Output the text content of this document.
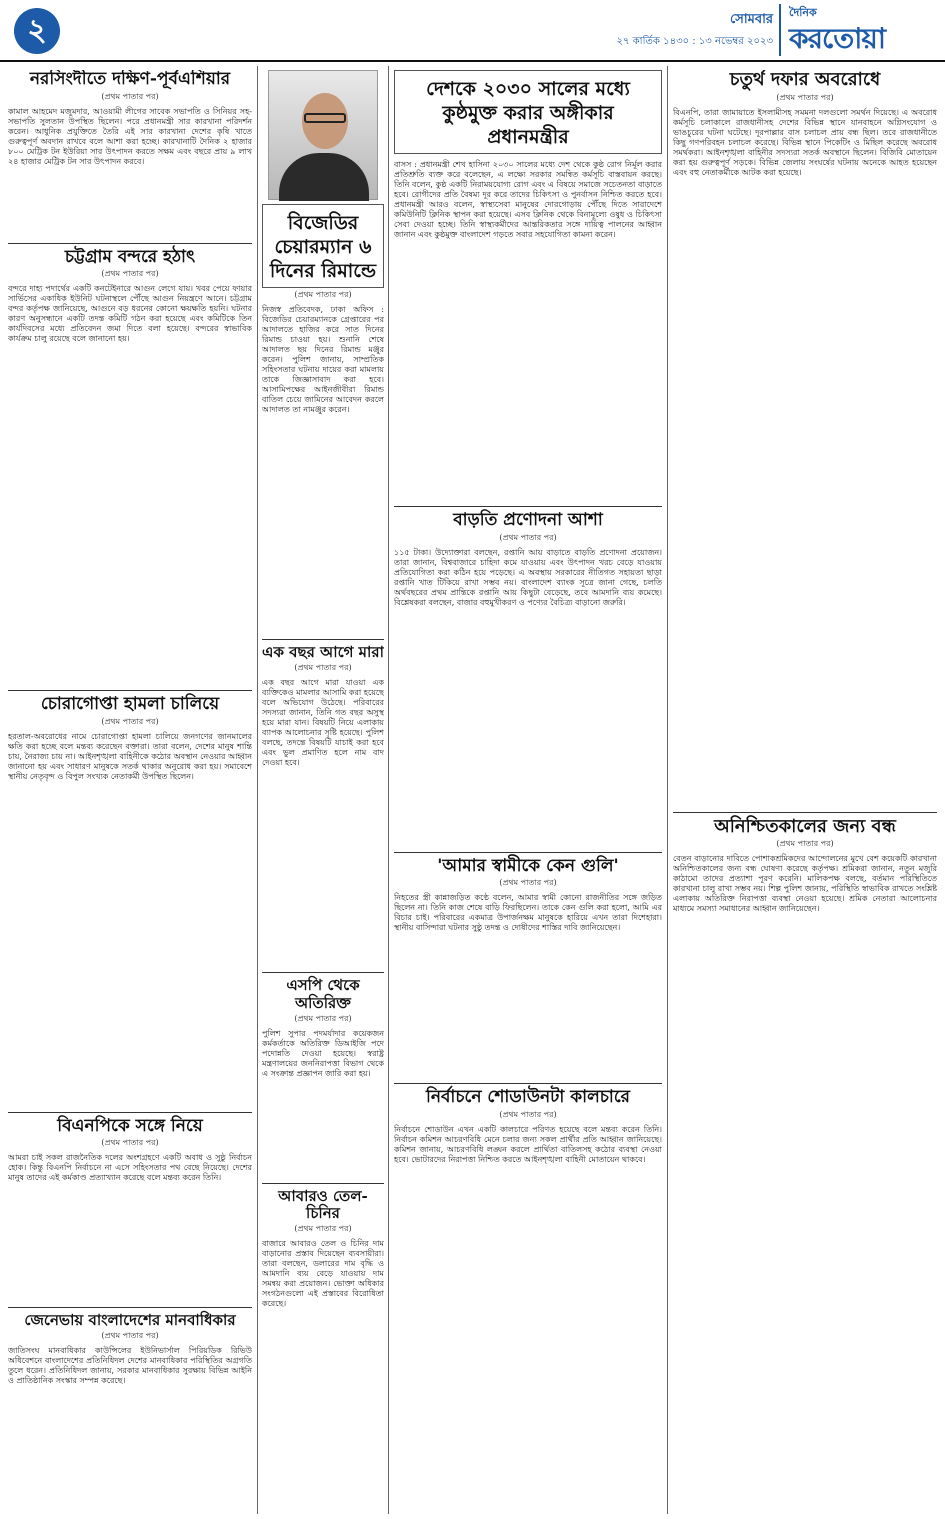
২	সোমবার
২৭ কার্তিক ১৪৩০ : ১৩ নভেম্বর ২০২৩
দৈনিক
করতোয়া
নরসিংদীতে দক্ষিণ-পূর্বএশিয়ার
(প্রথম পাতার পর)
কামাল আহমেদ মজুমদার, আওয়ামী লীগের সাবেক সভাপতি ও সিনিয়র সহ-সভাপতি সুলতান উপস্থিত ছিলেন। পরে প্রধানমন্ত্রী সার কারখানা পরিদর্শন করেন। আধুনিক প্রযুক্তিতে তৈরি এই সার কারখানা দেশের কৃষি খাতে গুরুত্বপূর্ণ অবদান রাখবে বলে আশা করা হচ্ছে। কারখানাটি দৈনিক ২ হাজার ৮০০ মেট্রিক টন ইউরিয়া সার উৎপাদন করতে সক্ষম এবং বছরে প্রায় ৯ লাখ ২৪ হাজার মেট্রিক টন সার উৎপাদন করবে।
চট্টগ্রাম বন্দরে হঠাৎ
(প্রথম পাতার পর)
বন্দরে দাহ্য পদার্থের একটি কনটেইনারে আগুন লেগে যায়। খবর পেয়ে ফায়ার সার্ভিসের একাধিক ইউনিট ঘটনাস্থলে পৌঁছে আগুন নিয়ন্ত্রণে আনে। চট্টগ্রাম বন্দর কর্তৃপক্ষ জানিয়েছে, আগুনে বড় ধরনের কোনো ক্ষয়ক্ষতি হয়নি। ঘটনার কারণ অনুসন্ধানে একটি তদন্ত কমিটি গঠন করা হয়েছে এবং কমিটিকে তিন কার্যদিবসের মধ্যে প্রতিবেদন জমা দিতে বলা হয়েছে। বন্দরের স্বাভাবিক কার্যক্রম চালু রয়েছে বলে জানানো হয়।
চোরাগোপ্তা হামলা চালিয়ে
(প্রথম পাতার পর)
হরতাল-অবরোধের নামে চোরাগোপ্তা হামলা চালিয়ে জনগণের জানমালের ক্ষতি করা হচ্ছে বলে মন্তব্য করেছেন বক্তারা। তারা বলেন, দেশের মানুষ শান্তি চায়, নৈরাজ্য চায় না। আইনশৃঙ্খলা বাহিনীকে কঠোর অবস্থান নেওয়ার আহ্বান জানানো হয় এবং সাধারণ মানুষকে সতর্ক থাকার অনুরোধ করা হয়। সমাবেশে স্থানীয় নেতৃবৃন্দ ও বিপুল সংখ্যক নেতাকর্মী উপস্থিত ছিলেন।
বিএনপিকে সঙ্গে নিয়ে
(প্রথম পাতার পর)
আমরা চাই সকল রাজনৈতিক দলের অংশগ্রহণে একটি অবাধ ও সুষ্ঠু নির্বাচন হোক। কিন্তু বিএনপি নির্বাচনে না এসে সহিংসতার পথ বেছে নিয়েছে। দেশের মানুষ তাদের এই কর্মকাণ্ড প্রত্যাখ্যান করেছে বলে মন্তব্য করেন তিনি।
জেনেভায় বাংলাদেশের মানবাধিকার
(প্রথম পাতার পর)
জাতিসংঘ মানবাধিকার কাউন্সিলের ইউনিভার্সাল পিরিয়ডিক রিভিউ অধিবেশনে বাংলাদেশের প্রতিনিধিদল দেশের মানবাধিকার পরিস্থিতির অগ্রগতি তুলে ধরেন। প্রতিনিধিদল জানায়, সরকার মানবাধিকার সুরক্ষায় বিভিন্ন আইনি ও প্রাতিষ্ঠানিক সংস্কার সম্পন্ন করেছে।
বিজেডির চেয়ারম্যান ৬ দিনের রিমান্ডে
(প্রথম পাতার পর)
নিজস্ব প্রতিবেদক, ঢাকা অফিস : বিজেডির চেয়ারম্যানকে গ্রেপ্তারের পর আদালতে হাজির করে সাত দিনের রিমান্ড চাওয়া হয়। শুনানি শেষে আদালত ছয় দিনের রিমান্ড মঞ্জুর করেন। পুলিশ জানায়, সাম্প্রতিক সহিংসতার ঘটনায় দায়ের করা মামলায় তাকে জিজ্ঞাসাবাদ করা হবে। আসামিপক্ষের আইনজীবীরা রিমান্ড বাতিল চেয়ে জামিনের আবেদন করলে আদালত তা নামঞ্জুর করেন।
এক বছর আগে মারা
(প্রথম পাতার পর)
এক বছর আগে মারা যাওয়া এক ব্যক্তিকেও মামলার আসামি করা হয়েছে বলে অভিযোগ উঠেছে। পরিবারের সদস্যরা জানান, তিনি গত বছর অসুস্থ হয়ে মারা যান। বিষয়টি নিয়ে এলাকায় ব্যাপক আলোচনার সৃষ্টি হয়েছে। পুলিশ বলছে, তদন্তে বিষয়টি যাচাই করা হবে এবং ভুল প্রমাণিত হলে নাম বাদ দেওয়া হবে।
এসপি থেকে অতিরিক্ত
(প্রথম পাতার পর)
পুলিশ সুপার পদমর্যাদার কয়েকজন কর্মকর্তাকে অতিরিক্ত ডিআইজি পদে পদোন্নতি দেওয়া হয়েছে। স্বরাষ্ট্র মন্ত্রণালয়ের জননিরাপত্তা বিভাগ থেকে এ সংক্রান্ত প্রজ্ঞাপন জারি করা হয়।
আবারও তেল-চিনির
(প্রথম পাতার পর)
বাজারে আবারও তেল ও চিনির দাম বাড়ানোর প্রস্তাব দিয়েছেন ব্যবসায়ীরা। তারা বলছেন, ডলারের দাম বৃদ্ধি ও আমদানি ব্যয় বেড়ে যাওয়ায় দাম সমন্বয় করা প্রয়োজন। ভোক্তা অধিকার সংগঠনগুলো এই প্রস্তাবের বিরোধিতা করেছে।
দেশকে ২০৩০ সালের মধ্যে কুষ্ঠমুক্ত করার অঙ্গীকার প্রধানমন্ত্রীর
বাসস : প্রধানমন্ত্রী শেখ হাসিনা ২০৩০ সালের মধ্যে দেশ থেকে কুষ্ঠ রোগ নির্মূল করার প্রতিশ্রুতি ব্যক্ত করে বলেছেন, এ লক্ষ্যে সরকার সমন্বিত কর্মসূচি বাস্তবায়ন করছে। তিনি বলেন, কুষ্ঠ একটি নিরাময়যোগ্য রোগ এবং এ বিষয়ে সমাজে সচেতনতা বাড়াতে হবে। রোগীদের প্রতি বৈষম্য দূর করে তাদের চিকিৎসা ও পুনর্বাসন নিশ্চিত করতে হবে। প্রধানমন্ত্রী আরও বলেন, স্বাস্থ্যসেবা মানুষের দোরগোড়ায় পৌঁছে দিতে সারাদেশে কমিউনিটি ক্লিনিক স্থাপন করা হয়েছে। এসব ক্লিনিক থেকে বিনামূল্যে ওষুধ ও চিকিৎসা সেবা দেওয়া হচ্ছে। তিনি স্বাস্থ্যকর্মীদের আন্তরিকতার সঙ্গে দায়িত্ব পালনের আহ্বান জানান এবং কুষ্ঠমুক্ত বাংলাদেশ গড়তে সবার সহযোগিতা কামনা করেন।
বাড়তি প্রণোদনা আশা
(প্রথম পাতার পর)
১১৫ টাকা। উদ্যোক্তারা বলছেন, রপ্তানি আয় বাড়াতে বাড়তি প্রণোদনা প্রয়োজন। তারা জানান, বিশ্ববাজারে চাহিদা কমে যাওয়ায় এবং উৎপাদন খরচ বেড়ে যাওয়ায় প্রতিযোগিতা করা কঠিন হয়ে পড়েছে। এ অবস্থায় সরকারের নীতিগত সহায়তা ছাড়া রপ্তানি খাত টিকিয়ে রাখা সম্ভব নয়। বাংলাদেশ ব্যাংক সূত্রে জানা গেছে, চলতি অর্থবছরের প্রথম প্রান্তিকে রপ্তানি আয় কিছুটা বেড়েছে, তবে আমদানি ব্যয় কমেছে। বিশ্লেষকরা বলছেন, বাজার বহুমুখীকরণ ও পণ্যের বৈচিত্র্য বাড়ানো জরুরি।
'আমার স্বামীকে কেন গুলি'
(প্রথম পাতার পর)
নিহতের স্ত্রী কান্নাজড়িত কণ্ঠে বলেন, আমার স্বামী কোনো রাজনীতির সঙ্গে জড়িত ছিলেন না। তিনি কাজ শেষে বাড়ি ফিরছিলেন। তাকে কেন গুলি করা হলো, আমি এর বিচার চাই। পরিবারের একমাত্র উপার্জনক্ষম মানুষকে হারিয়ে এখন তারা দিশেহারা। স্থানীয় বাসিন্দারা ঘটনার সুষ্ঠু তদন্ত ও দোষীদের শাস্তির দাবি জানিয়েছেন।
নির্বাচনে শোডাউনটা কালচারে
(প্রথম পাতার পর)
নির্বাচনে শোডাউন এখন একটি কালচারে পরিণত হয়েছে বলে মন্তব্য করেন তিনি। নির্বাচন কমিশন আচরণবিধি মেনে চলার জন্য সকল প্রার্থীর প্রতি আহ্বান জানিয়েছে। কমিশন জানায়, আচরণবিধি লঙ্ঘন করলে প্রার্থিতা বাতিলসহ কঠোর ব্যবস্থা নেওয়া হবে। ভোটারদের নিরাপত্তা নিশ্চিত করতে আইনশৃঙ্খলা বাহিনী মোতায়েন থাকবে।
চতুর্থ দফার অবরোধে
(প্রথম পাতার পর)
বিএনপি, তারা জামায়াতে ইসলামীসহ সমমনা দলগুলো সমর্থন দিয়েছে। এ অবরোধ কর্মসূচি চলাকালে রাজধানীসহ দেশের বিভিন্ন স্থানে যানবাহনে অগ্নিসংযোগ ও ভাঙচুরের ঘটনা ঘটেছে। দূরপাল্লার বাস চলাচল প্রায় বন্ধ ছিল। তবে রাজধানীতে কিছু গণপরিবহন চলাচল করেছে। বিভিন্ন স্থানে পিকেটিং ও মিছিল করেছে অবরোধ সমর্থকরা। আইনশৃঙ্খলা বাহিনীর সদস্যরা সতর্ক অবস্থানে ছিলেন। বিজিবি মোতায়েন করা হয় গুরুত্বপূর্ণ সড়কে। বিভিন্ন জেলায় সংঘর্ষের ঘটনায় অনেকে আহত হয়েছেন এবং বহু নেতাকর্মীকে আটক করা হয়েছে।
অনিশ্চিতকালের জন্য বন্ধ
(প্রথম পাতার পর)
বেতন বাড়ানোর দাবিতে পোশাকশ্রমিকদের আন্দোলনের মুখে বেশ কয়েকটি কারখানা অনিশ্চিতকালের জন্য বন্ধ ঘোষণা করেছে কর্তৃপক্ষ। শ্রমিকরা জানান, নতুন মজুরি কাঠামো তাদের প্রত্যাশা পূরণ করেনি। মালিকপক্ষ বলছে, বর্তমান পরিস্থিতিতে কারখানা চালু রাখা সম্ভব নয়। শিল্প পুলিশ জানায়, পরিস্থিতি স্বাভাবিক রাখতে সংশ্লিষ্ট এলাকায় অতিরিক্ত নিরাপত্তা ব্যবস্থা নেওয়া হয়েছে। শ্রমিক নেতারা আলোচনার মাধ্যমে সমস্যা সমাধানের আহ্বান জানিয়েছেন।
